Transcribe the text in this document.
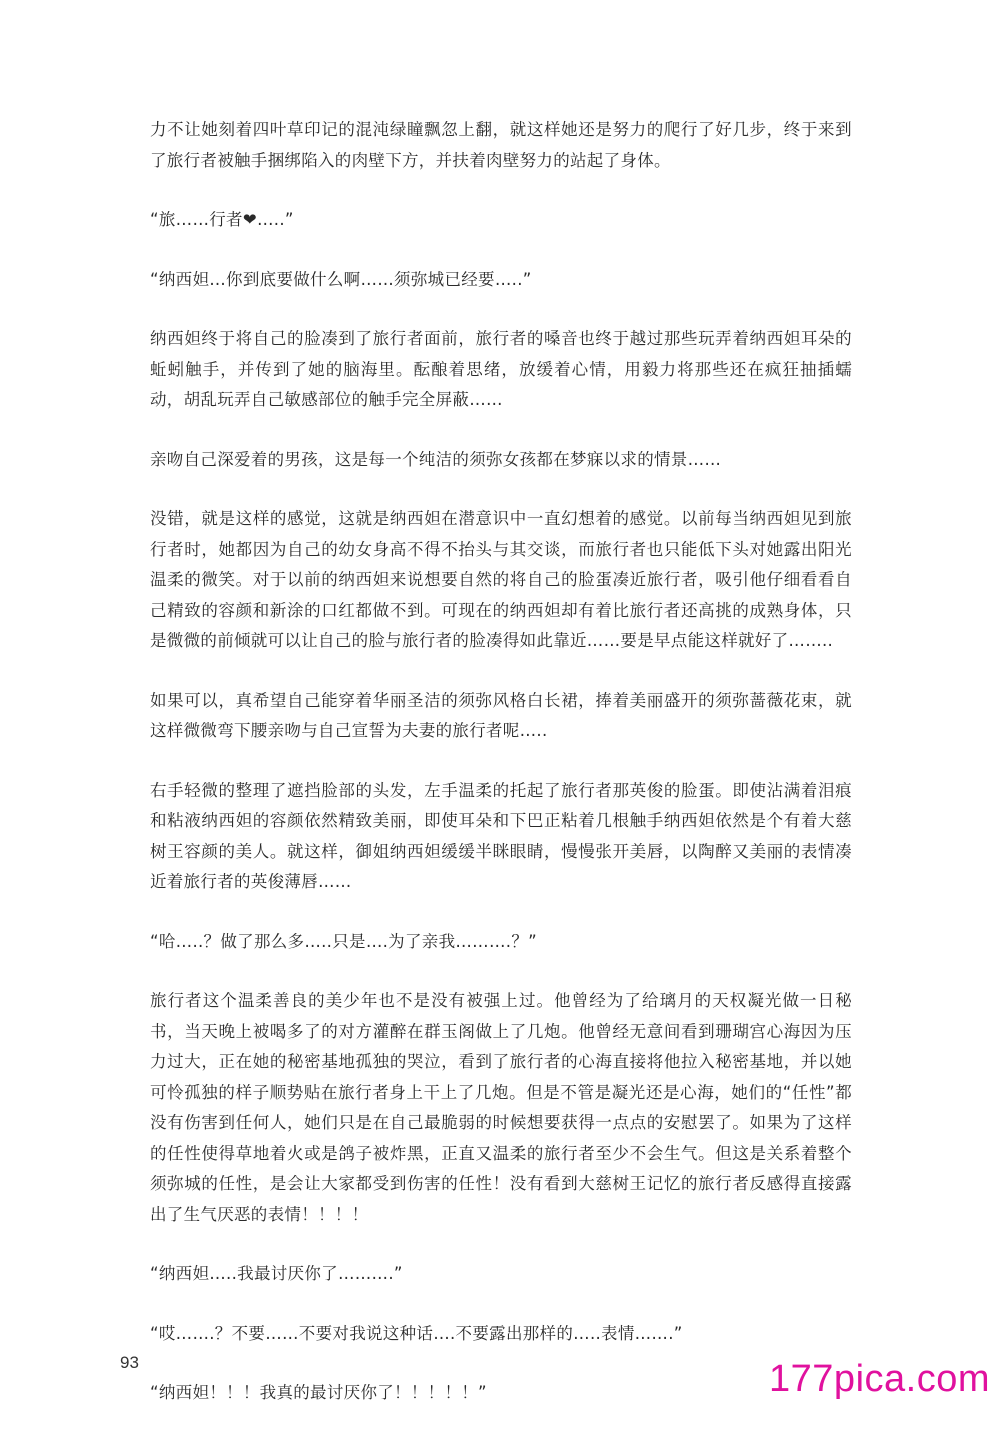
力不让她刻着四叶草印记的混沌绿瞳飘忽上翻，就这样她还是努力的爬行了好几步，终于来到了旅行者被触手捆绑陷入的肉壁下方，并扶着肉壁努力的站起了身体。

“旅……行者❤…..”

“纳西妲…你到底要做什么啊……须弥城已经要…..”

纳西妲终于将自己的脸凑到了旅行者面前，旅行者的嗓音也终于越过那些玩弄着纳西妲耳朵的蚯蚓触手，并传到了她的脑海里。酝酿着思绪，放缓着心情，用毅力将那些还在疯狂抽插蠕动，胡乱玩弄自己敏感部位的触手完全屏蔽……

亲吻自己深爱着的男孩，这是每一个纯洁的须弥女孩都在梦寐以求的情景……

没错，就是这样的感觉，这就是纳西妲在潜意识中一直幻想着的感觉。以前每当纳西妲见到旅行者时，她都因为自己的幼女身高不得不抬头与其交谈，而旅行者也只能低下头对她露出阳光温柔的微笑。对于以前的纳西妲来说想要自然的将自己的脸蛋凑近旅行者，吸引他仔细看看自己精致的容颜和新涂的口红都做不到。可现在的纳西妲却有着比旅行者还高挑的成熟身体，只是微微的前倾就可以让自己的脸与旅行者的脸凑得如此靠近……要是早点能这样就好了……..

如果可以，真希望自己能穿着华丽圣洁的须弥风格白长裙，捧着美丽盛开的须弥蔷薇花束，就这样微微弯下腰亲吻与自己宣誓为夫妻的旅行者呢…..

右手轻微的整理了遮挡脸部的头发，左手温柔的托起了旅行者那英俊的脸蛋。即使沾满着泪痕和粘液纳西妲的容颜依然精致美丽，即使耳朵和下巴正粘着几根触手纳西妲依然是个有着大慈树王容颜的美人。就这样，御姐纳西妲缓缓半眯眼睛，慢慢张开美唇，以陶醉又美丽的表情凑近着旅行者的英俊薄唇……

“哈…..？做了那么多…..只是….为了亲我……….？”

旅行者这个温柔善良的美少年也不是没有被强上过。他曾经为了给璃月的天权凝光做一日秘书，当天晚上被喝多了的对方灌醉在群玉阁做上了几炮。他曾经无意间看到珊瑚宫心海因为压力过大，正在她的秘密基地孤独的哭泣，看到了旅行者的心海直接将他拉入秘密基地，并以她可怜孤独的样子顺势贴在旅行者身上干上了几炮。但是不管是凝光还是心海，她们的“任性”都没有伤害到任何人，她们只是在自己最脆弱的时候想要获得一点点的安慰罢了。如果为了这样的任性使得草地着火或是鸽子被炸黑，正直又温柔的旅行者至少不会生气。但这是关系着整个须弥城的任性，是会让大家都受到伤害的任性！没有看到大慈树王记忆的旅行者反感得直接露出了生气厌恶的表情！！！！

“纳西妲…..我最讨厌你了……….”

“哎…….？不要……不要对我说这种话….不要露出那样的…..表情…….”

“纳西妲！！！我真的最讨厌你了！！！！！”

93	177pica.com
